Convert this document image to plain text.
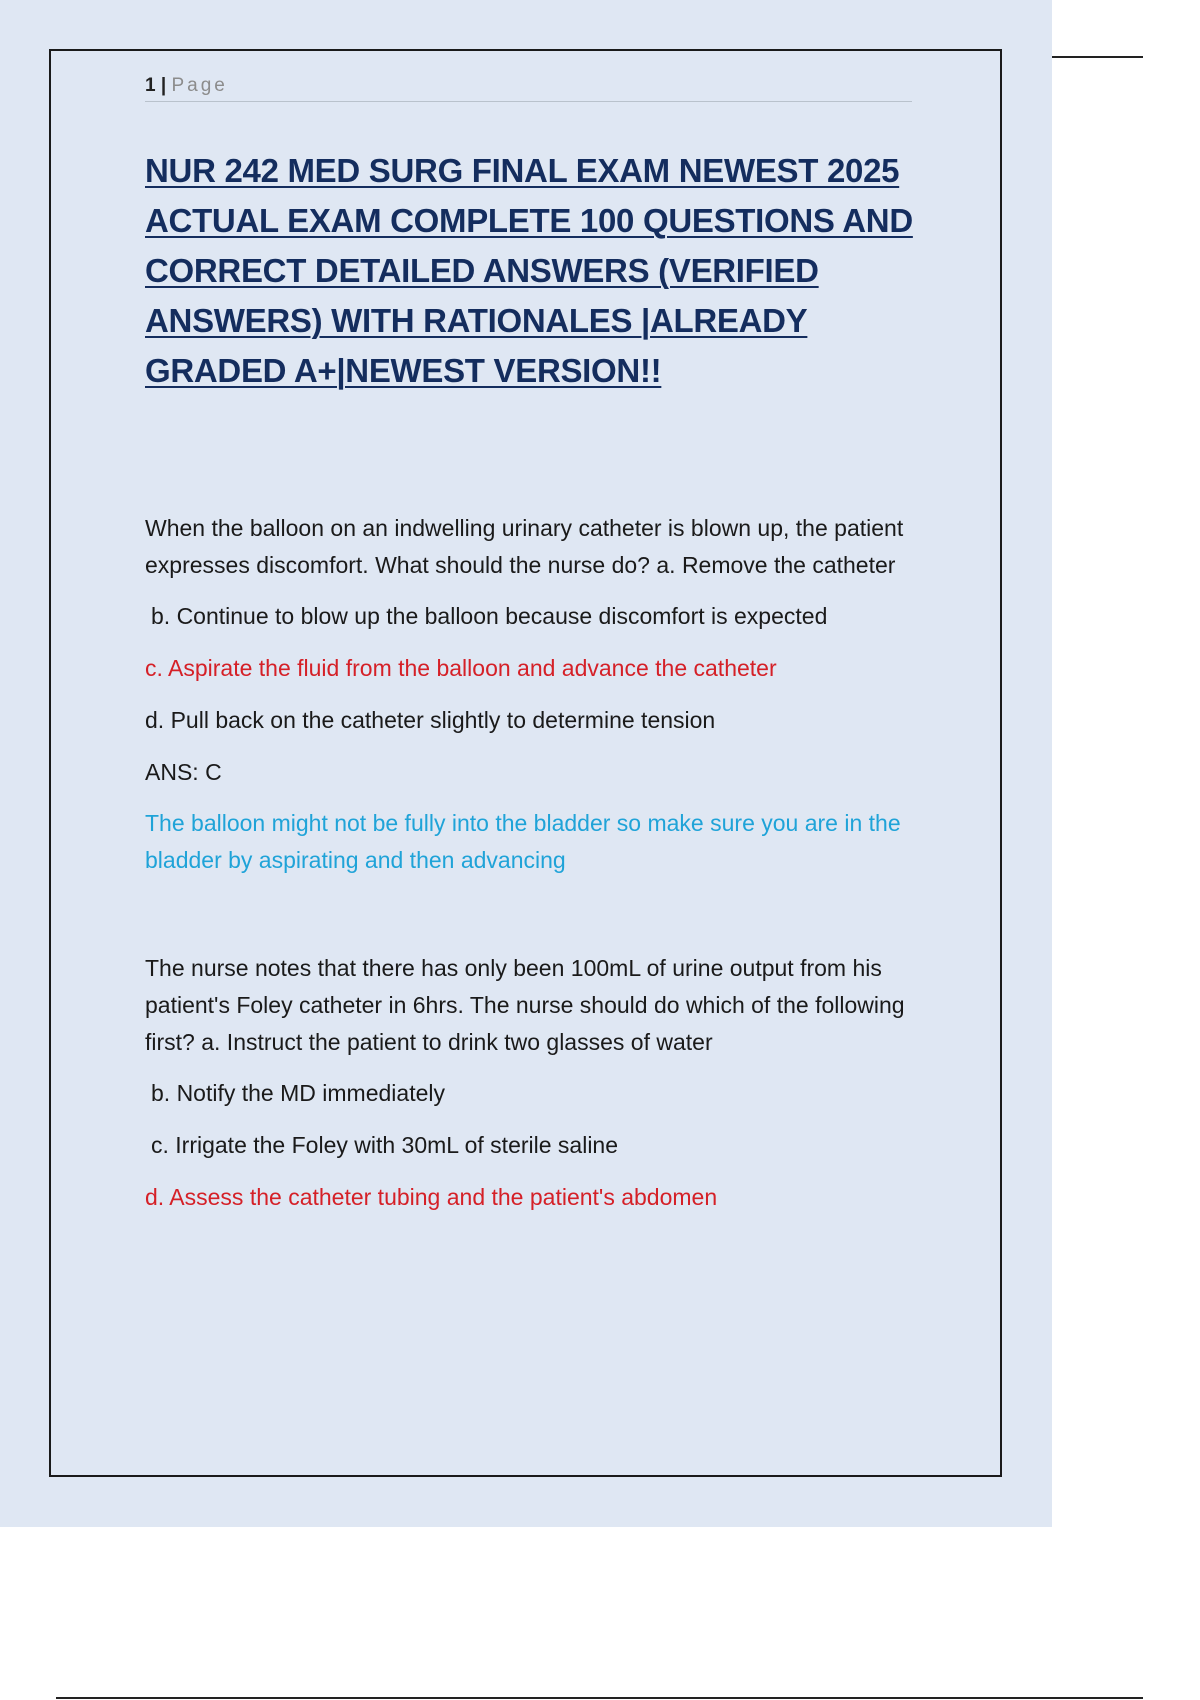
1 | Page
NUR 242 MED SURG FINAL EXAM NEWEST 2025 ACTUAL EXAM COMPLETE 100 QUESTIONS AND CORRECT DETAILED ANSWERS (VERIFIED ANSWERS) WITH RATIONALES |ALREADY GRADED A+|NEWEST VERSION!!

When the balloon on an indwelling urinary catheter is blown up, the patient expresses discomfort. What should the nurse do? a. Remove the catheter

b. Continue to blow up the balloon because discomfort is expected

c. Aspirate the fluid from the balloon and advance the catheter

d. Pull back on the catheter slightly to determine tension

ANS: C

The balloon might not be fully into the bladder so make sure you are in the bladder by aspirating and then advancing

The nurse notes that there has only been 100mL of urine output from his patient's Foley catheter in 6hrs. The nurse should do which of the following first? a. Instruct the patient to drink two glasses of water

b. Notify the MD immediately

c. Irrigate the Foley with 30mL of sterile saline

d. Assess the catheter tubing and the patient's abdomen
